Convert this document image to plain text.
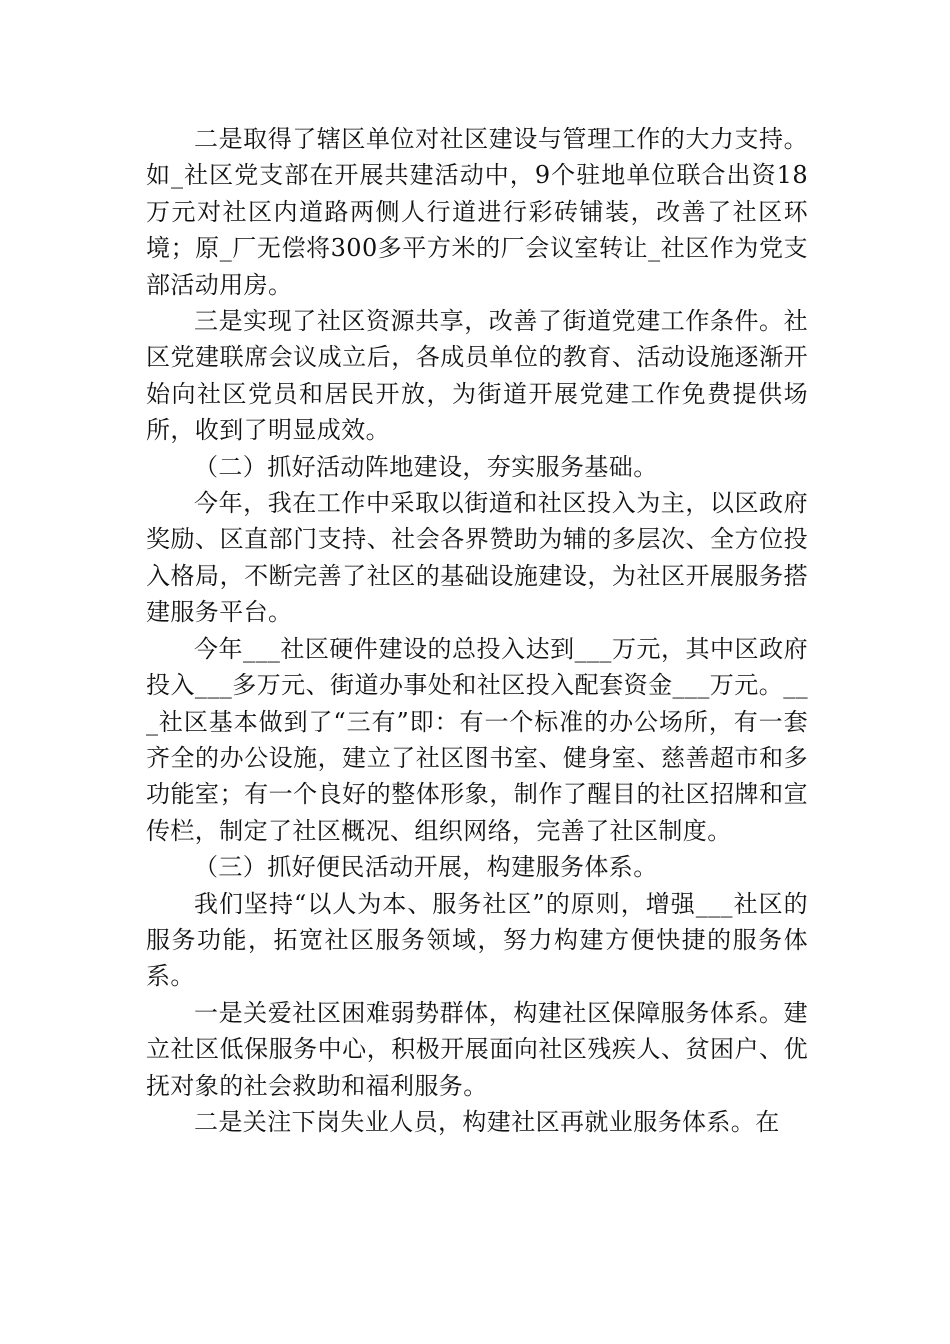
二是取得了辖区单位对社区建设与管理工作的大力支持。如_社区党支部在开展共建活动中，9个驻地单位联合出资18万元对社区内道路两侧人行道进行彩砖铺装，改善了社区环境；原_厂无偿将300多平方米的厂会议室转让_社区作为党支部活动用房。

三是实现了社区资源共享，改善了街道党建工作条件。社区党建联席会议成立后，各成员单位的教育、活动设施逐渐开始向社区党员和居民开放，为街道开展党建工作免费提供场所，收到了明显成效。

（二）抓好活动阵地建设，夯实服务基础。

今年，我在工作中采取以街道和社区投入为主，以区政府奖励、区直部门支持、社会各界赞助为辅的多层次、全方位投入格局，不断完善了社区的基础设施建设，为社区开展服务搭建服务平台。

今年___社区硬件建设的总投入达到___万元，其中区政府投入___多万元、街道办事处和社区投入配套资金___万元。___社区基本做到了“三有”即：有一个标准的办公场所，有一套齐全的办公设施，建立了社区图书室、健身室、慈善超市和多功能室；有一个良好的整体形象，制作了醒目的社区招牌和宣传栏，制定了社区概况、组织网络，完善了社区制度。

（三）抓好便民活动开展，构建服务体系。

我们坚持“以人为本、服务社区”的原则，增强___社区的服务功能，拓宽社区服务领域，努力构建方便快捷的服务体系。

一是关爱社区困难弱势群体，构建社区保障服务体系。建立社区低保服务中心，积极开展面向社区残疾人、贫困户、优抚对象的社会救助和福利服务。

二是关注下岗失业人员，构建社区再就业服务体系。在
